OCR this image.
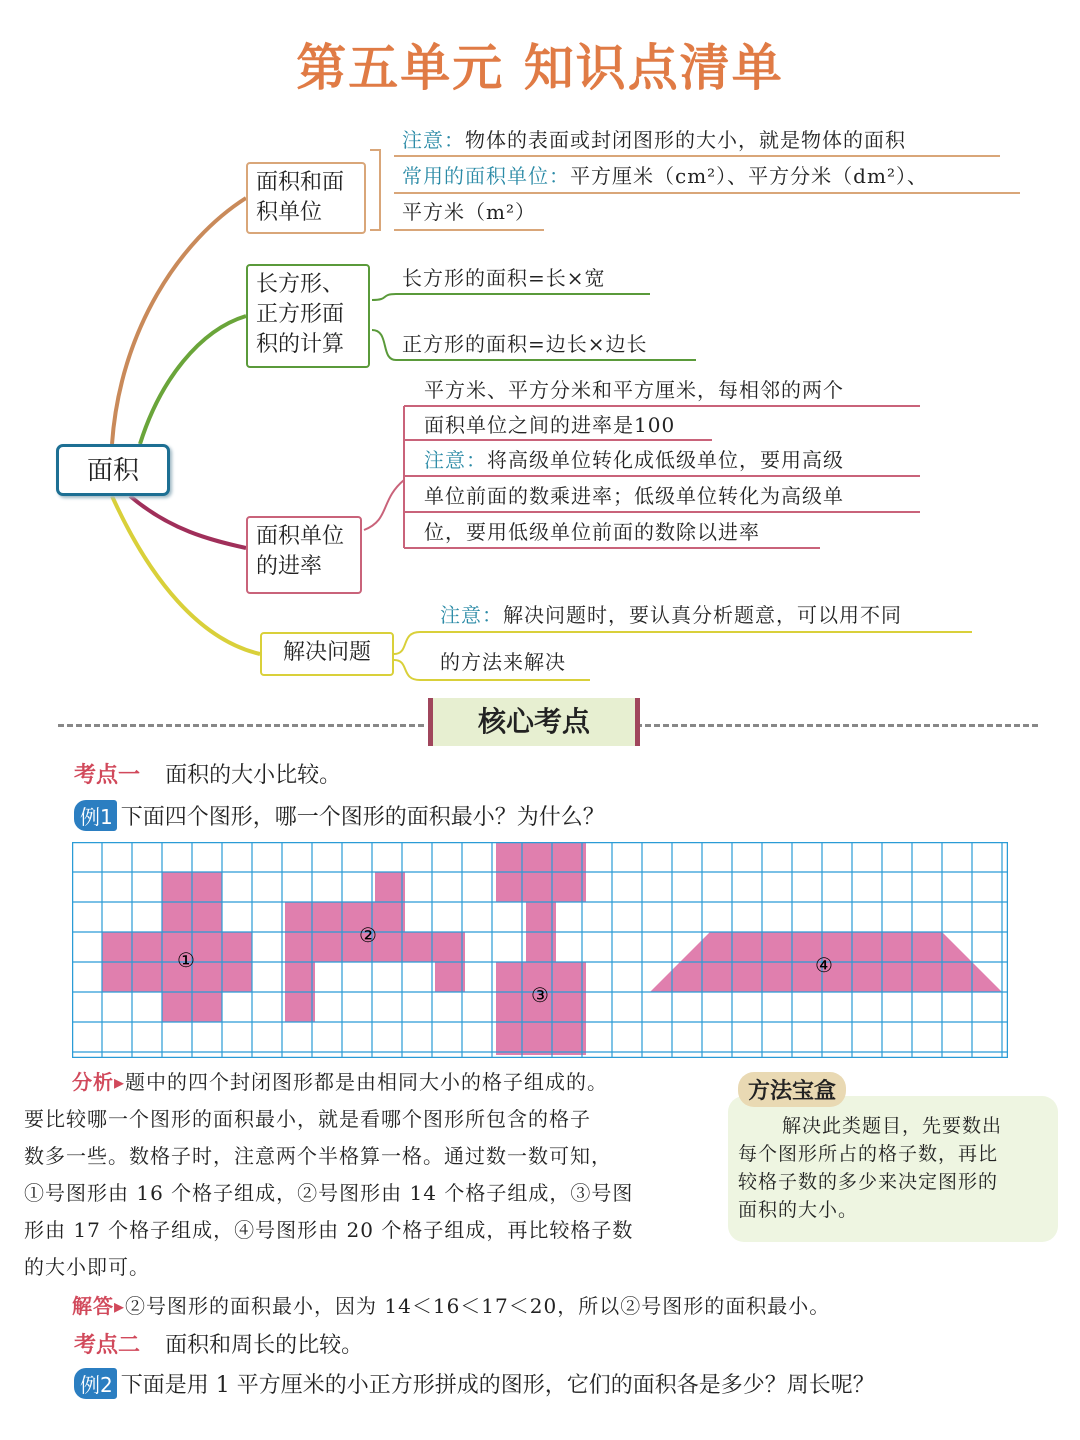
第五单元 知识点清单
面积
面积和面积单位
长方形、正方形面积的计算
面积单位的进率
解决问题
注意：物体的表面或封闭图形的大小，就是物体的面积
常用的面积单位：平方厘米（cm²）、平方分米（dm²）、
平方米（m²）
长方形的面积=长×宽
正方形的面积=边长×边长
平方米、平方分米和平方厘米，每相邻的两个
面积单位之间的进率是100
注意：将高级单位转化成低级单位，要用高级
单位前面的数乘进率；低级单位转化为高级单
位，要用低级单位前面的数除以进率
注意：解决问题时，要认真分析题意，可以用不同
的方法来解决
核心考点
考点一 面积的大小比较。
例1 下面四个图形，哪一个图形的面积最小？为什么？
①
②
③
④
分析▸题中的四个封闭图形都是由相同大小的格子组成的。
要比较哪一个图形的面积最小，就是看哪个图形所包含的格子
数多一些。数格子时，注意两个半格算一格。通过数一数可知，
①号图形由 16 个格子组成，②号图形由 14 个格子组成，③号图
形由 17 个格子组成，④号图形由 20 个格子组成，再比较格子数
的大小即可。
方法宝盒
解决此类题目，先要数出
每个图形所占的格子数，再比
较格子数的多少来决定图形的
面积的大小。
解答▸②号图形的面积最小，因为 14＜16＜17＜20，所以②号图形的面积最小。
考点二 面积和周长的比较。
例2 下面是用 1 平方厘米的小正方形拼成的图形，它们的面积各是多少？周长呢？
